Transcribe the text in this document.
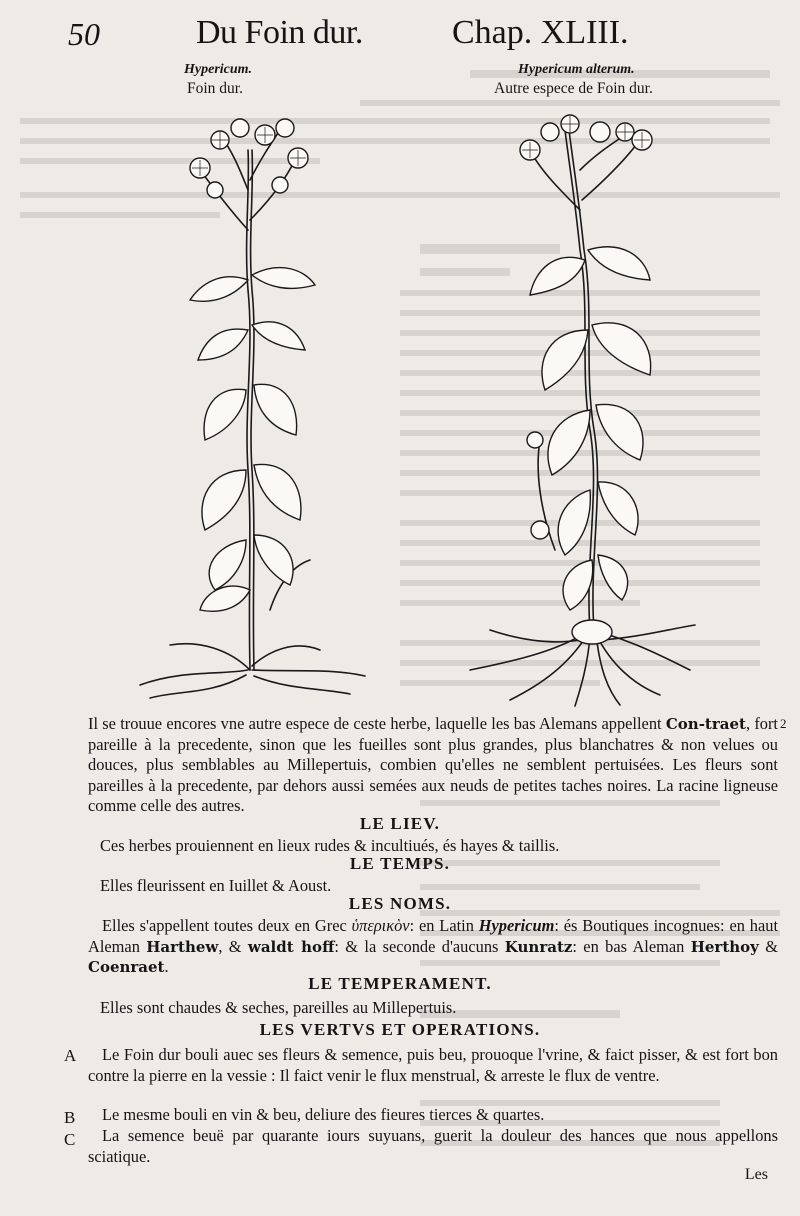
50	Du Foin dur.	Chap. XLIII.
Hypericum.
Foin dur.
Hypericum alterum.
Autre espece de Foin dur.

Il se trouue encores vne autre espece de ceste herbe, laquelle les bas Alemans appellent Con-traet, fort pareille à la precedente, sinon que les fueilles sont plus grandes, plus blanchatres & non velues ou douces, plus semblables au Millepertuis, combien qu'elles ne semblent pertuisées. Les fleurs sont pareilles à la precedente, par dehors aussi semées aux neuds de petites taches noires. La racine ligneuse comme celle des autres.

2
LE LIEV.
Ces herbes prouiennent en lieux rudes & incultiués, és hayes & taillis.
LE TEMPS.
Elles fleurissent en Iuillet & Aoust.
LES NOMS.

Elles s'appellent toutes deux en Grec ὑπερικὸν: en Latin Hypericum: és Boutiques incognues: en haut Aleman Harthew, & waldt hoff: & la seconde d'aucuns Kunratz: en bas Aleman Herthoy & Coenraet.

LE TEMPERAMENT.
Elles sont chaudes & seches, pareilles au Millepertuis.
LES VERTVS ET OPERATIONS.
A	Le Foin dur bouli auec ses fleurs & semence, puis beu, prouoque l'vrine, & faict pisser, & est fort bon contre la pierre en la vessie : Il faict venir le flux menstrual, & arreste le flux de ventre.

B	Le mesme bouli en vin & beu, deliure des fieures tierces & quartes.

C	La semence beuë par quarante iours suyuans, guerit la douleur des hances que nous appellons sciatique.

Les
